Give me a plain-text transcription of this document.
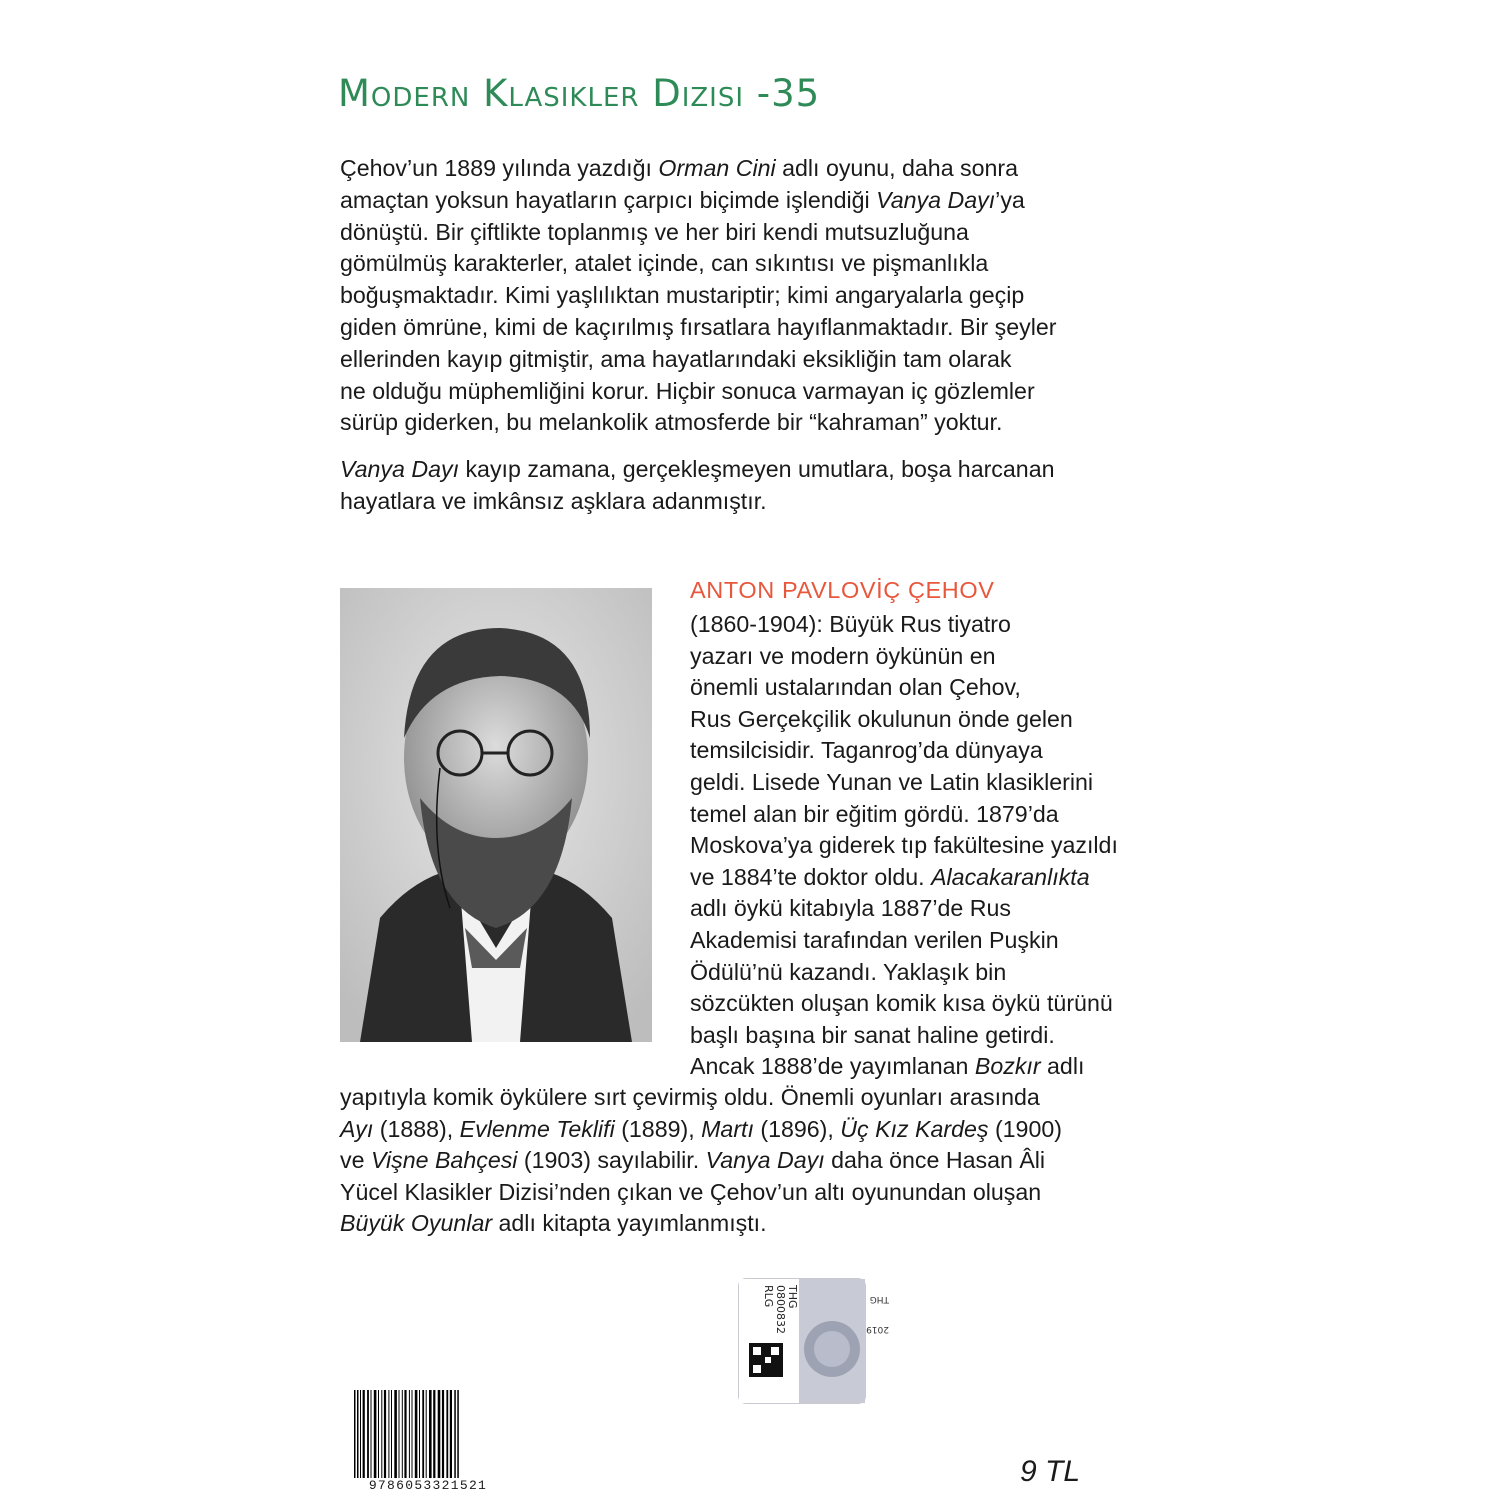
Modern Klasikler Dizisi -35
Çehov’un 1889 yılında yazdığı Orman Cini adlı oyunu, daha sonra
amaçtan yoksun hayatların çarpıcı biçimde işlendiği Vanya Dayı’ya
dönüştü. Bir çiftlikte toplanmış ve her biri kendi mutsuzluğuna
gömülmüş karakterler, atalet içinde, can sıkıntısı ve pişmanlıkla
boğuşmaktadır. Kimi yaşlılıktan mustariptir; kimi angaryalarla geçip
giden ömrüne, kimi de kaçırılmış fırsatlara hayıflanmaktadır. Bir şeyler
ellerinden kayıp gitmiştir, ama hayatlarındaki eksikliğin tam olarak
ne olduğu müphemliğini korur. Hiçbir sonuca varmayan iç gözlemler
sürüp giderken, bu melankolik atmosferde bir “kahraman” yoktur.
Vanya Dayı kayıp zamana, gerçekleşmeyen umutlara, boşa harcanan
hayatlara ve imkânsız aşklara adanmıştır.
ANTON PAVLOVİÇ ÇEHOV
(1860-1904): Büyük Rus tiyatro
yazarı ve modern öykünün en
önemli ustalarından olan Çehov,
Rus Gerçekçilik okulunun önde gelen
temsilcisidir. Taganrog’da dünyaya
geldi. Lisede Yunan ve Latin klasiklerini
temel alan bir eğitim gördü. 1879’da
Moskova’ya giderek tıp fakültesine yazıldı
ve 1884’te doktor oldu. Alacakaranlıkta
adlı öykü kitabıyla 1887’de Rus
Akademisi tarafından verilen Puşkin
Ödülü’nü kazandı. Yaklaşık bin
sözcükten oluşan komik kısa öykü türünü
başlı başına bir sanat haline getirdi.
Ancak 1888’de yayımlanan Bozkır adlı
yapıtıyla komik öykülere sırt çevirmiş oldu. Önemli oyunları arasında
Ayı (1888), Evlenme Teklifi (1889), Martı (1896), Üç Kız Kardeş (1900)
ve Vişne Bahçesi (1903) sayılabilir. Vanya Dayı daha önce Hasan Âli
Yücel Klasikler Dizisi’nden çıkan ve Çehov’un altı oyunundan oluşan
Büyük Oyunlar adlı kitapta yayımlanmıştı.
THG
0800832
RLG
2019
THG
9786053321521	9 TL
